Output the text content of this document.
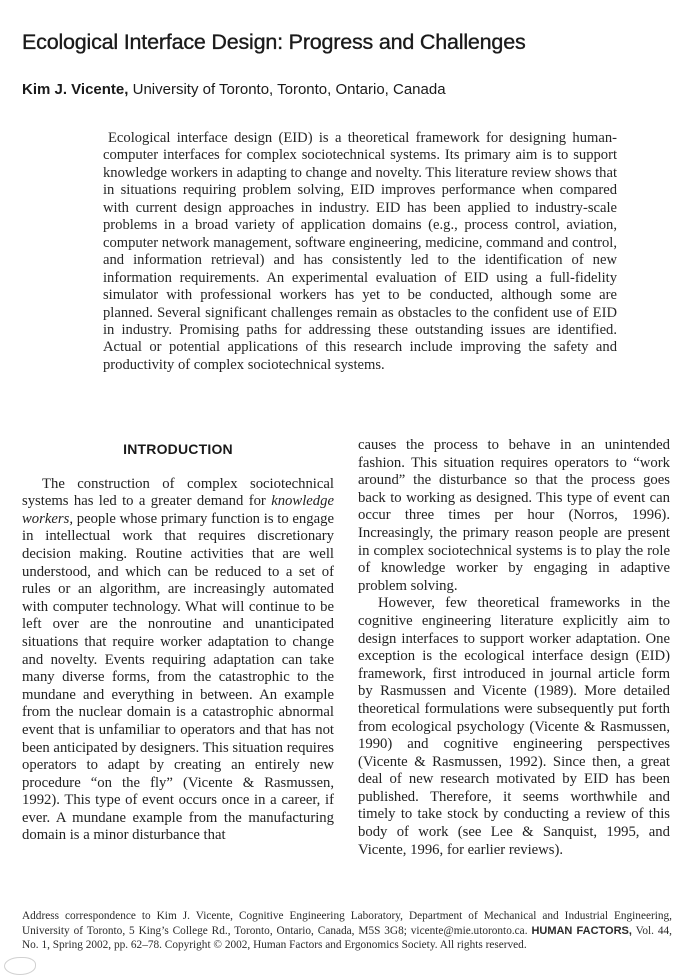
Ecological Interface Design: Progress and Challenges
Kim J. Vicente, University of Toronto, Toronto, Ontario, Canada
Ecological interface design (EID) is a theoretical framework for designing human-computer interfaces for complex sociotechnical systems. Its primary aim is to support knowledge workers in adapting to change and novelty. This literature review shows that in situations requiring problem solving, EID improves performance when compared with current design approaches in industry. EID has been applied to industry-scale problems in a broad variety of application domains (e.g., process control, aviation, computer network management, software engineering, medicine, command and control, and information retrieval) and has consistently led to the identification of new information requirements. An experimental evaluation of EID using a full-fidelity simulator with professional workers has yet to be conducted, although some are planned. Several significant challenges remain as obstacles to the confident use of EID in industry. Promising paths for addressing these outstanding issues are identified. Actual or potential applications of this research include improving the safety and productivity of complex sociotechnical systems.
INTRODUCTION

The construction of complex sociotechnical systems has led to a greater demand for knowledge workers, people whose primary function is to engage in intellectual work that requires discretionary decision making. Routine activities that are well understood, and which can be reduced to a set of rules or an algorithm, are increasingly automated with computer technology. What will continue to be left over are the nonroutine and unanticipated situations that require worker adaptation to change and novelty. Events requiring adaptation can take many diverse forms, from the catastrophic to the mundane and everything in between. An example from the nuclear domain is a catastrophic abnormal event that is unfamiliar to operators and that has not been anticipated by designers. This situation requires operators to adapt by creating an entirely new procedure “on the fly” (Vicente & Rasmussen, 1992). This type of event occurs once in a career, if ever. A mundane example from the manufacturing domain is a minor disturbance that

causes the process to behave in an unintended fashion. This situation requires operators to “work around” the disturbance so that the process goes back to working as designed. This type of event can occur three times per hour (Norros, 1996). Increasingly, the primary reason people are present in complex sociotechnical systems is to play the role of knowledge worker by engaging in adaptive problem solving.

However, few theoretical frameworks in the cognitive engineering literature explicitly aim to design interfaces to support worker adaptation. One exception is the ecological interface design (EID) framework, first introduced in journal article form by Rasmussen and Vicente (1989). More detailed theoretical formulations were subsequently put forth from ecological psychology (Vicente & Rasmussen, 1990) and cognitive engineering perspectives (Vicente & Rasmussen, 1992). Since then, a great deal of new research motivated by EID has been published. Therefore, it seems worthwhile and timely to take stock by conducting a review of this body of work (see Lee & Sanquist, 1995, and Vicente, 1996, for earlier reviews).

Address correspondence to Kim J. Vicente, Cognitive Engineering Laboratory, Department of Mechanical and Industrial Engineering, University of Toronto, 5 King’s College Rd., Toronto, Ontario, Canada, M5S 3G8; vicente@mie.utoronto.ca. HUMAN FACTORS, Vol. 44, No. 1, Spring 2002, pp. 62–78. Copyright © 2002, Human Factors and Ergonomics Society. All rights reserved.
